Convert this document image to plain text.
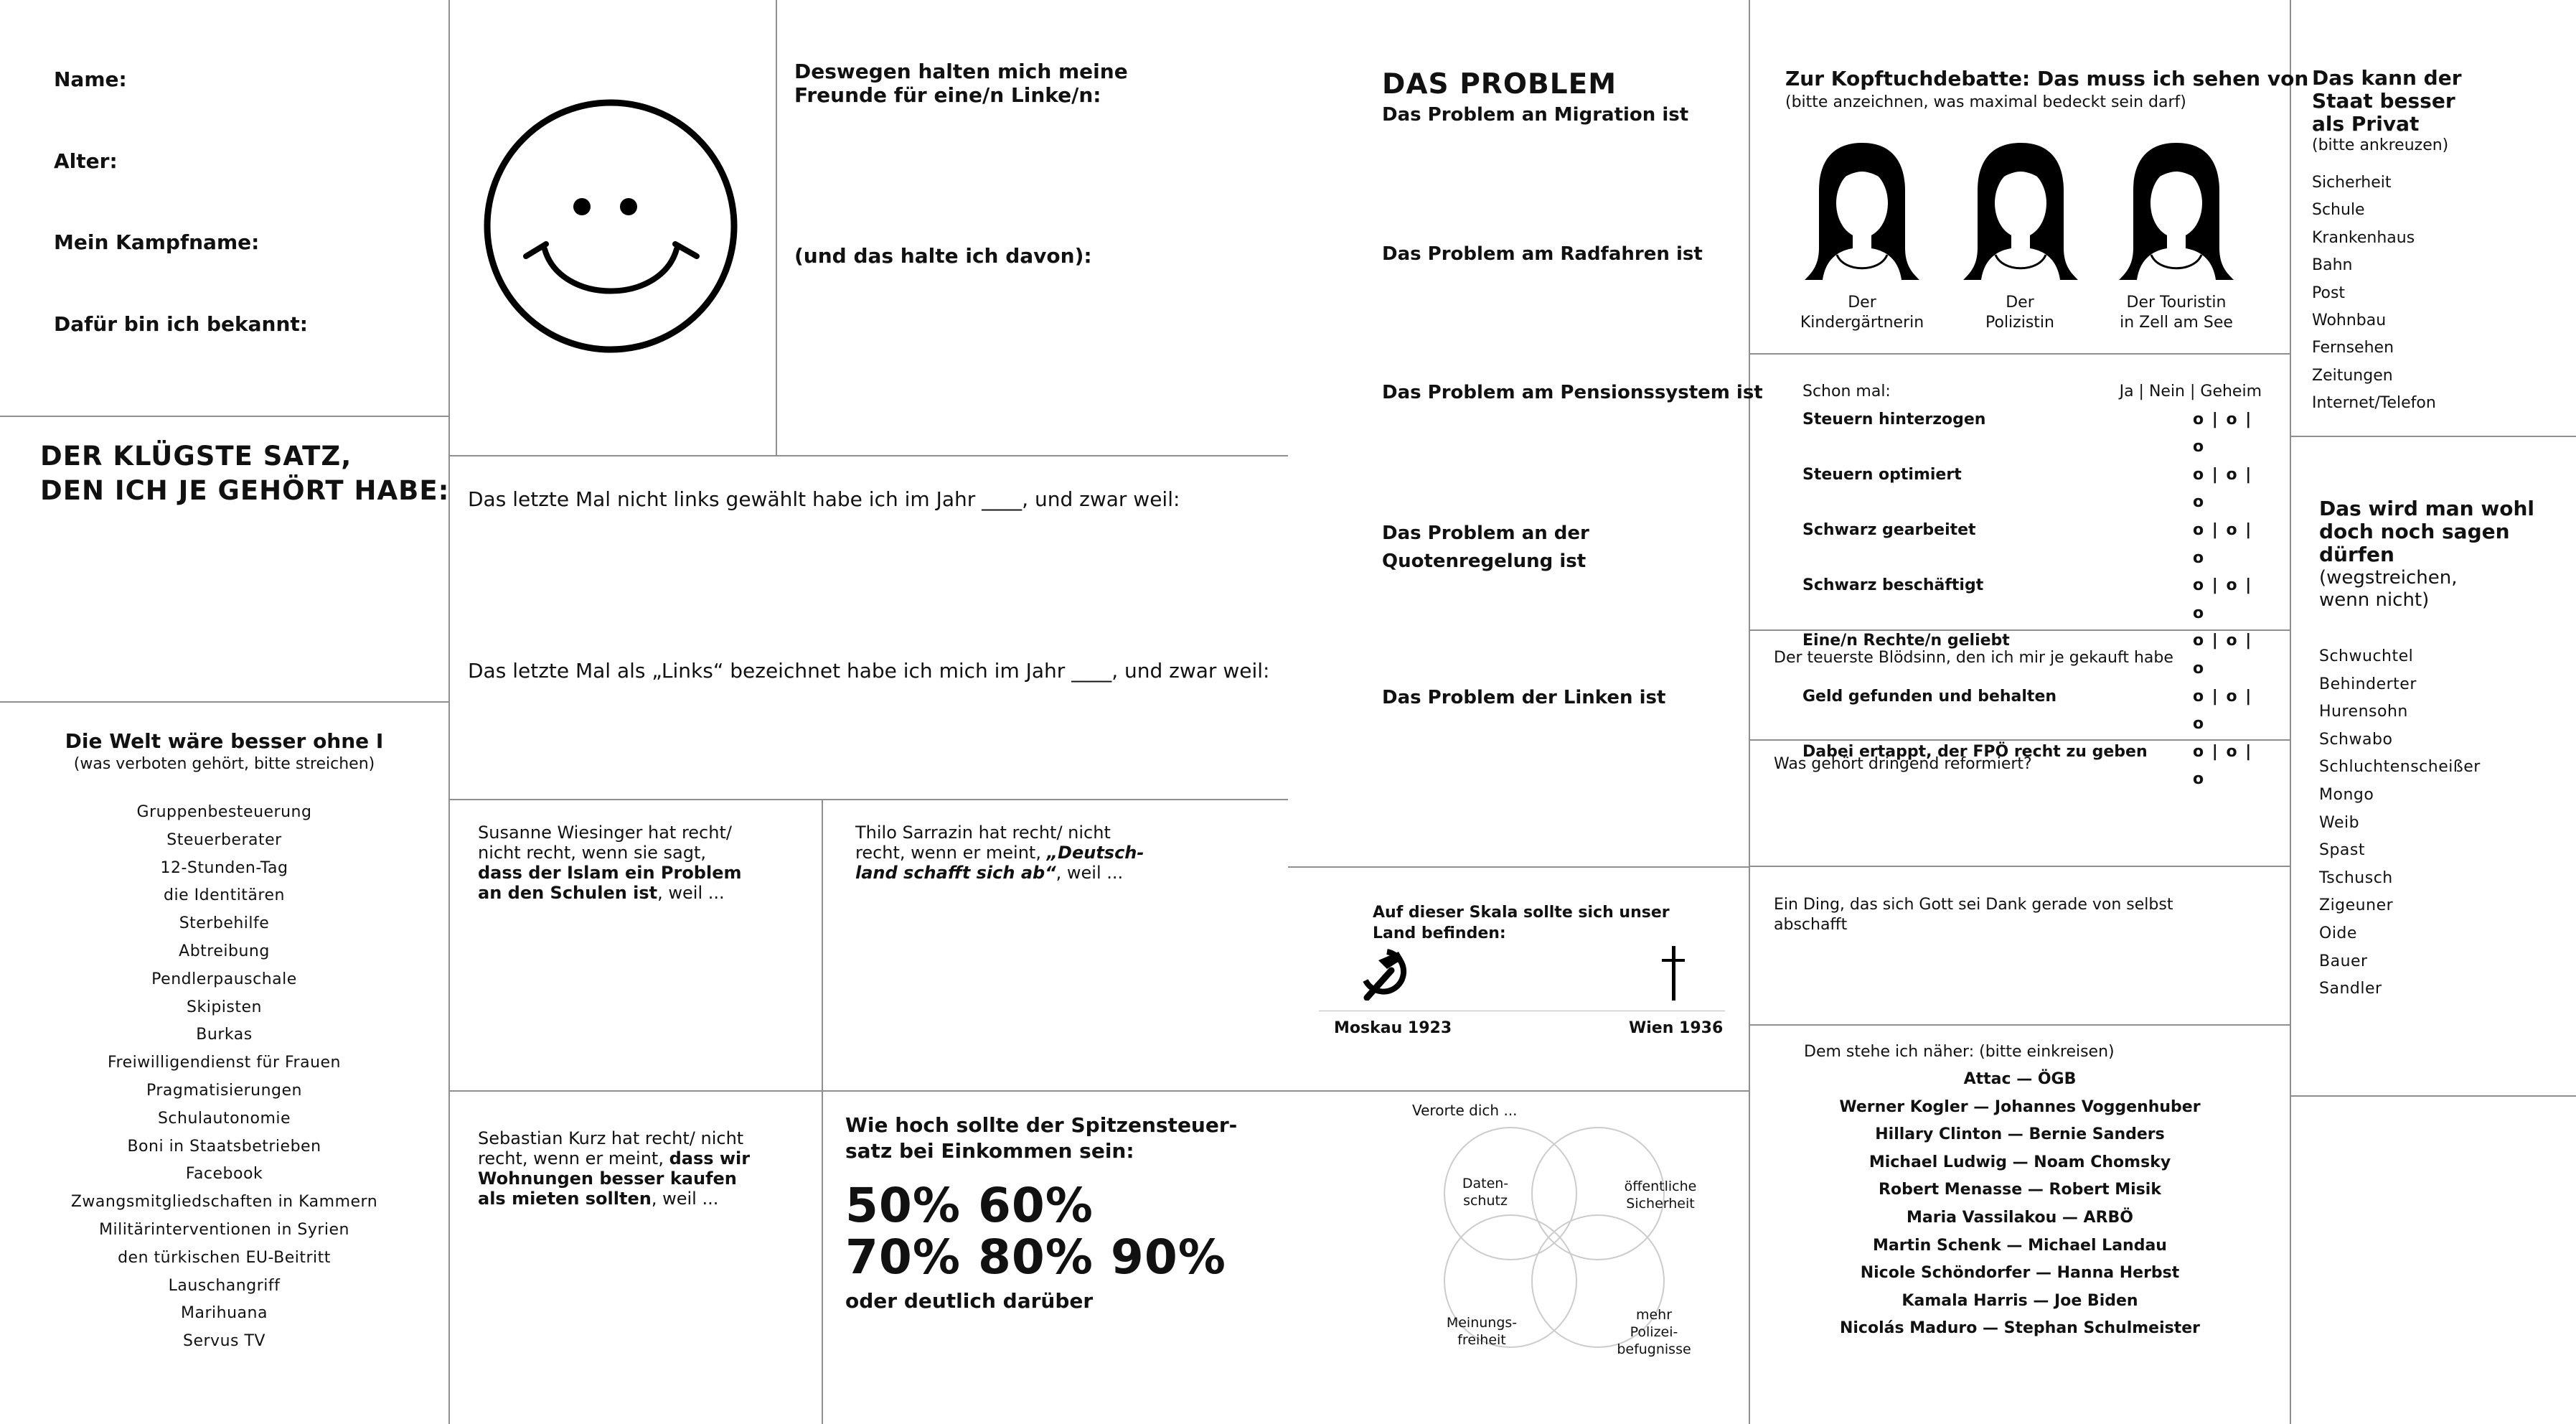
Name:
Alter:
Mein Kampfname:
Dafür bin ich bekannt:
DER KLÜGSTE SATZ,
DEN ICH JE GEHÖRT HABE:
Die Welt wäre besser ohne I
(was verboten gehört, bitte streichen)
Gruppenbesteuerung
Steuerberater
12-Stunden-Tag
die Identitären
Sterbehilfe
Abtreibung
Pendlerpauschale
Skipisten
Burkas
Freiwilligendienst für Frauen
Pragmatisierungen
Schulautonomie
Boni in Staatsbetrieben
Facebook
Zwangsmitgliedschaften in Kammern
Militärinterventionen in Syrien
den türkischen EU-Beitritt
Lauschangriff
Marihuana
Servus TV
Deswegen halten mich meine
Freunde für eine/n Linke/n:
(und das halte ich davon):
Das letzte Mal nicht links gewählt habe ich im Jahr ____, und zwar weil:
Das letzte Mal als „Links“ bezeichnet habe ich mich im Jahr ____, und zwar weil:
Susanne Wiesinger hat recht/
nicht recht, wenn sie sagt,
dass der Islam ein Problem
an den Schulen ist, weil ...
Thilo Sarrazin hat recht/ nicht
recht, wenn er meint, „Deutsch-
land schafft sich ab“, weil ...
Sebastian Kurz hat recht/ nicht
recht, wenn er meint, dass wir
Wohnungen besser kaufen
als mieten sollten, weil ...
Wie hoch sollte der Spitzensteuer-
satz bei Einkommen sein:
50% 60%
70% 80% 90%
oder deutlich darüber
DAS PROBLEM
Das Problem an Migration ist
Das Problem am Radfahren ist
Das Problem am Pensionssystem ist
Das Problem an der Quotenregelung ist
Das Problem der Linken ist
Auf dieser Skala sollte sich unser
Land befinden:
Moskau 1923	Wien 1936
Verorte dich ...
Daten-
schutz
öffentliche
Sicherheit
Meinungs-
freiheit
mehr
Polizei-
befugnisse
Zur Kopftuchdebatte: Das muss ich sehen von
(bitte anzeichnen, was maximal bedeckt sein darf)
Der
Kindergärtnerin
Der
Polizistin
Der Touristin
in Zell am See
Schon mal:	Ja | Nein | Geheim
Steuern hinterzogen	o | o | o
Steuern optimiert	o | o | o
Schwarz gearbeitet	o | o | o
Schwarz beschäftigt	o | o | o
Eine/n Rechte/n geliebt	o | o | o
Geld gefunden und behalten	o | o | o
Dabei ertappt, der FPÖ recht zu geben	o | o | o
Der teuerste Blödsinn, den ich mir je gekauft habe
Was gehört dringend reformiert?
Ein Ding, das sich Gott sei Dank gerade von selbst abschafft
Dem stehe ich näher: (bitte einkreisen)
Attac — ÖGB
Werner Kogler — Johannes Voggenhuber
Hillary Clinton — Bernie Sanders
Michael Ludwig — Noam Chomsky
Robert Menasse — Robert Misik
Maria Vassilakou — ARBÖ
Martin Schenk — Michael Landau
Nicole Schöndorfer — Hanna Herbst
Kamala Harris — Joe Biden
Nicolás Maduro — Stephan Schulmeister
Das kann der
Staat besser
als Privat
(bitte ankreuzen)
Sicherheit
Schule
Krankenhaus
Bahn
Post
Wohnbau
Fernsehen
Zeitungen
Internet/Telefon
Das wird man wohl
doch noch sagen
dürfen
(wegstreichen,
wenn nicht)
Schwuchtel
Behinderter
Hurensohn
Schwabo
Schluchtenscheißer
Mongo
Weib
Spast
Tschusch
Zigeuner
Oide
Bauer
Sandler
